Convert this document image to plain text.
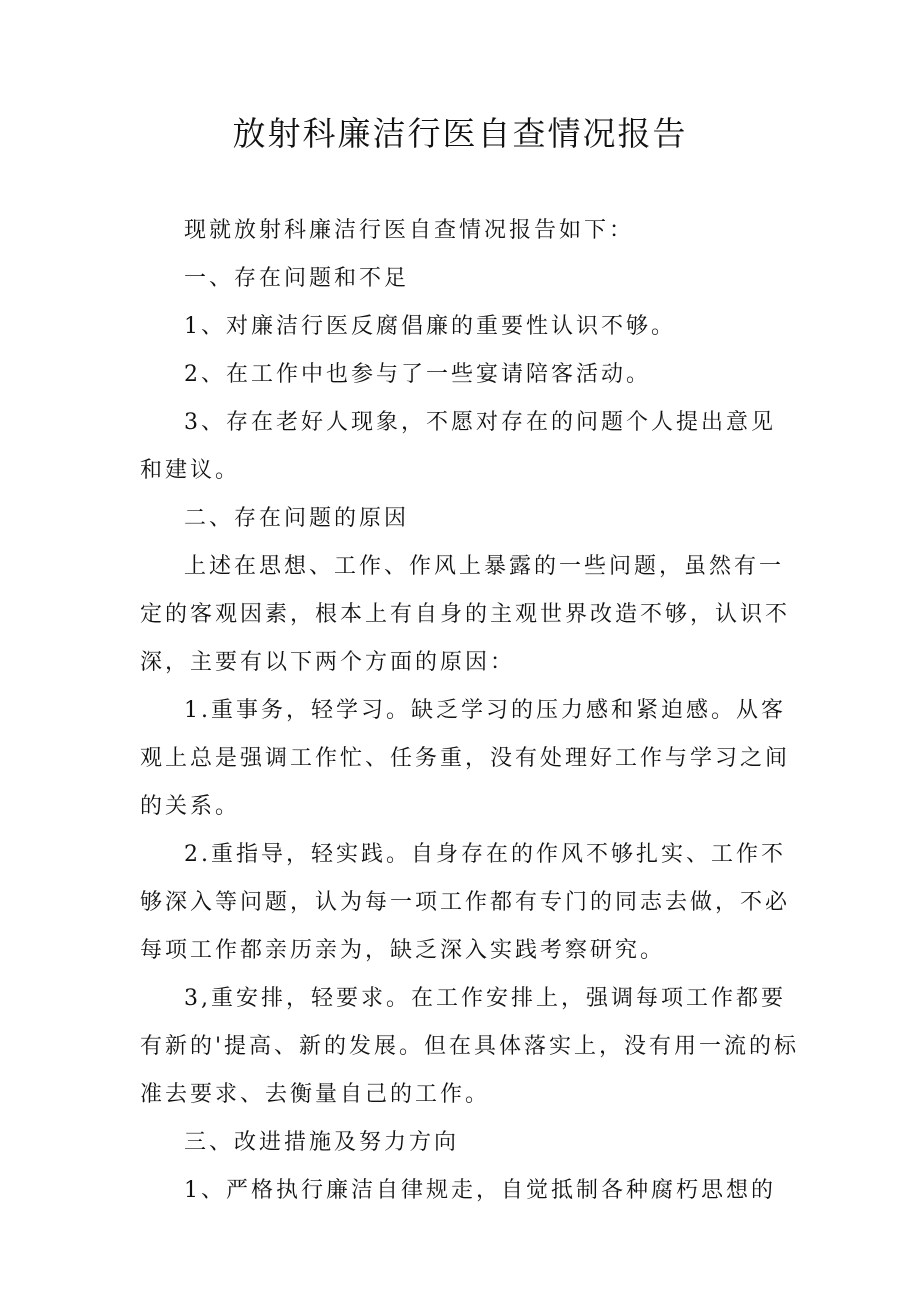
放射科廉洁行医自查情况报告

现就放射科廉洁行医自查情况报告如下：

一、存在问题和不足

1、对廉洁行医反腐倡廉的重要性认识不够。

2、在工作中也参与了一些宴请陪客活动。

3、存在老好人现象，不愿对存在的问题个人提出意见和建议。

二、存在问题的原因

上述在思想、工作、作风上暴露的一些问题，虽然有一定的客观因素，根本上有自身的主观世界改造不够，认识不深，主要有以下两个方面的原因：

1.重事务，轻学习。缺乏学习的压力感和紧迫感。从客观上总是强调工作忙、任务重，没有处理好工作与学习之间的关系。

2.重指导，轻实践。自身存在的作风不够扎实、工作不够深入等问题，认为每一项工作都有专门的同志去做，不必每项工作都亲历亲为，缺乏深入实践考察研究。

3,重安排，轻要求。在工作安排上，强调每项工作都要有新的'提高、新的发展。但在具体落实上，没有用一流的标准去要求、去衡量自己的工作。

三、改进措施及努力方向

1、严格执行廉洁自律规走，自觉抵制各种腐朽思想的
